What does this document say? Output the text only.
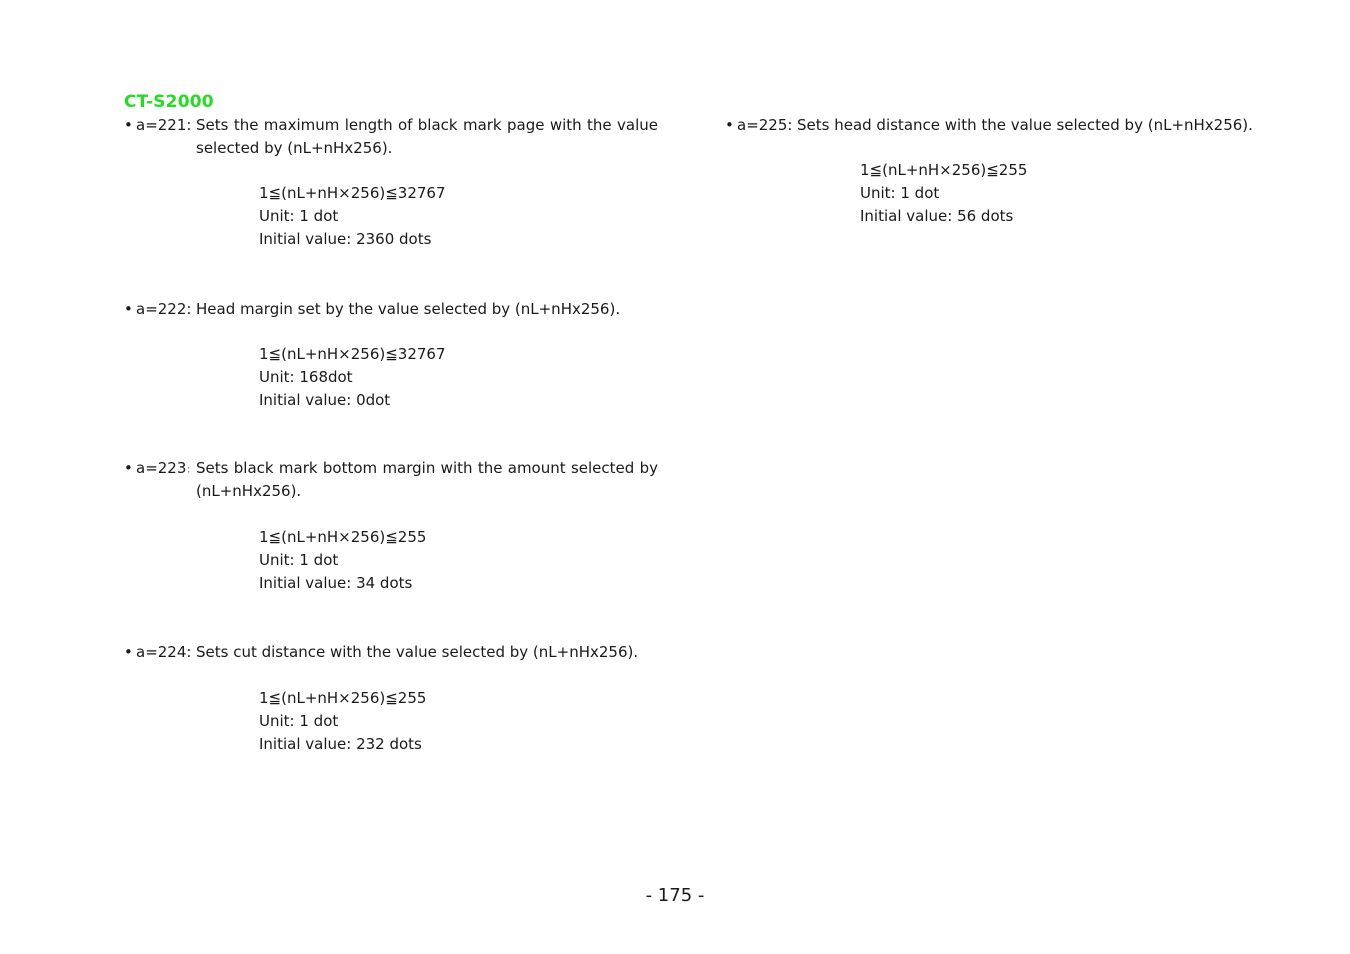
CT-S2000
• a=221: Sets the maximum length of black mark page with the value selected by (nL+nHx256).
1≦(nL+nH×256)≦32767
Unit: 1 dot
Initial value: 2360 dots
• a=222: Head margin set by the value selected by (nL+nHx256).
1≦(nL+nH×256)≦32767
Unit: 168dot
Initial value: 0dot
• a=223： Sets black mark bottom margin with the amount selected by (nL+nHx256).
1≦(nL+nH×256)≦255
Unit: 1 dot
Initial value: 34 dots
• a=224: Sets cut distance with the value selected by (nL+nHx256).
1≦(nL+nH×256)≦255
Unit: 1 dot
Initial value: 232 dots
• a=225: Sets head distance with the value selected by (nL+nHx256).
1≦(nL+nH×256)≦255
Unit: 1 dot
Initial value: 56 dots
- 175 -
